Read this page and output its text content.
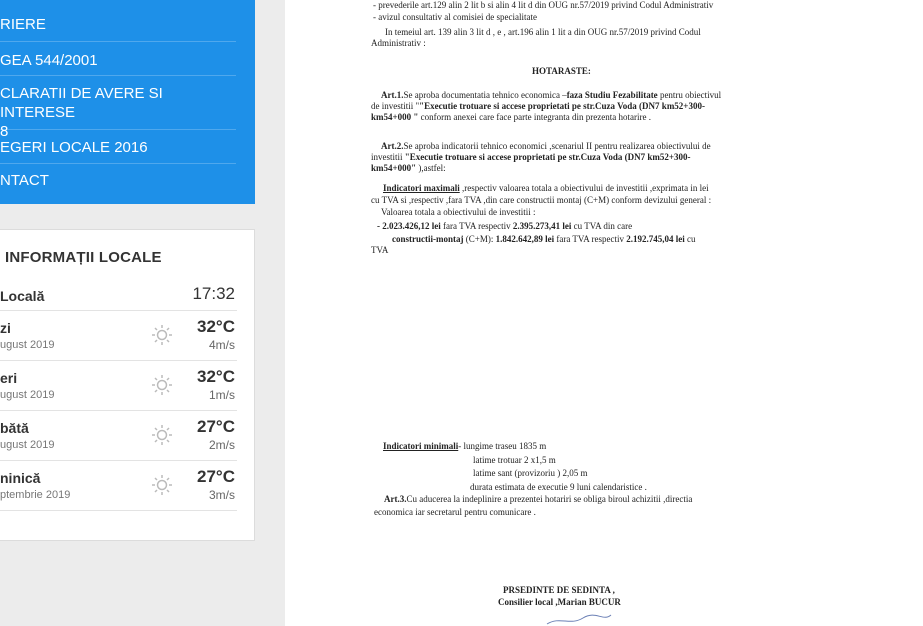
RIERE
GEA 544/2001
CLARATII DE AVERE SI INTERESE
8
EGERI LOCALE 2016
NTACT
INFORMAȚII LOCALE
Locală	17:32
zi
ugust 2019
32°C
4m/s
eri
ugust 2019
32°C
1m/s
bătă
ugust 2019
27°C
2m/s
ninică
ptembrie 2019
27°C
3m/s
- prevederile art.129 alin 2 lit b si alin 4 lit d din OUG nr.57/2019 privind Codul Administrativ
- avizul consultativ al comisiei de specialitate
In temeiul art. 139 alin 3 lit d , e , art.196 alin 1 lit a din OUG nr.57/2019 privind Codul
Administrativ :
HOTARASTE:
Art.1.Se aproba documentatia tehnico economica –faza Studiu Fezabilitate pentru obiectivul
de investitii ""Executie trotuare si accese proprietati pe str.Cuza Voda (DN7 km52+300-
km54+000 " conform anexei care face parte integranta din prezenta hotarire .
Art.2.Se aproba indicatorii tehnico economici ,scenariul II pentru realizarea obiectivului de
investitii "Executie trotuare si accese proprietati pe str.Cuza Voda (DN7 km52+300-
km54+000" ),astfel:
Indicatori maximali ,respectiv valoarea totala a obiectivului de investitii ,exprimata in lei
cu TVA si ,respectiv ,fara TVA ,din care constructii montaj (C+M) conform devizului general :
Valoarea totala a obiectivului de investitii :
- 2.023.426,12 lei fara TVA respectiv 2.395.273,41 lei cu TVA din care
constructii-montaj (C+M): 1.842.642,89 lei fara TVA respectiv 2.192.745,04 lei cu
TVA
Indicatori minimali- lungime traseu 1835 m
latime trotuar 2 x1,5 m
latime sant (provizoriu ) 2,05 m
durata estimata de executie 9 luni calendaristice .
Art.3.Cu aducerea la indeplinire a prezentei hotariri se obliga biroul achizitii ,directia
economica iar secretarul pentru comunicare .
PRSEDINTE DE SEDINTA ,
Consilier local ,Marian BUCUR
